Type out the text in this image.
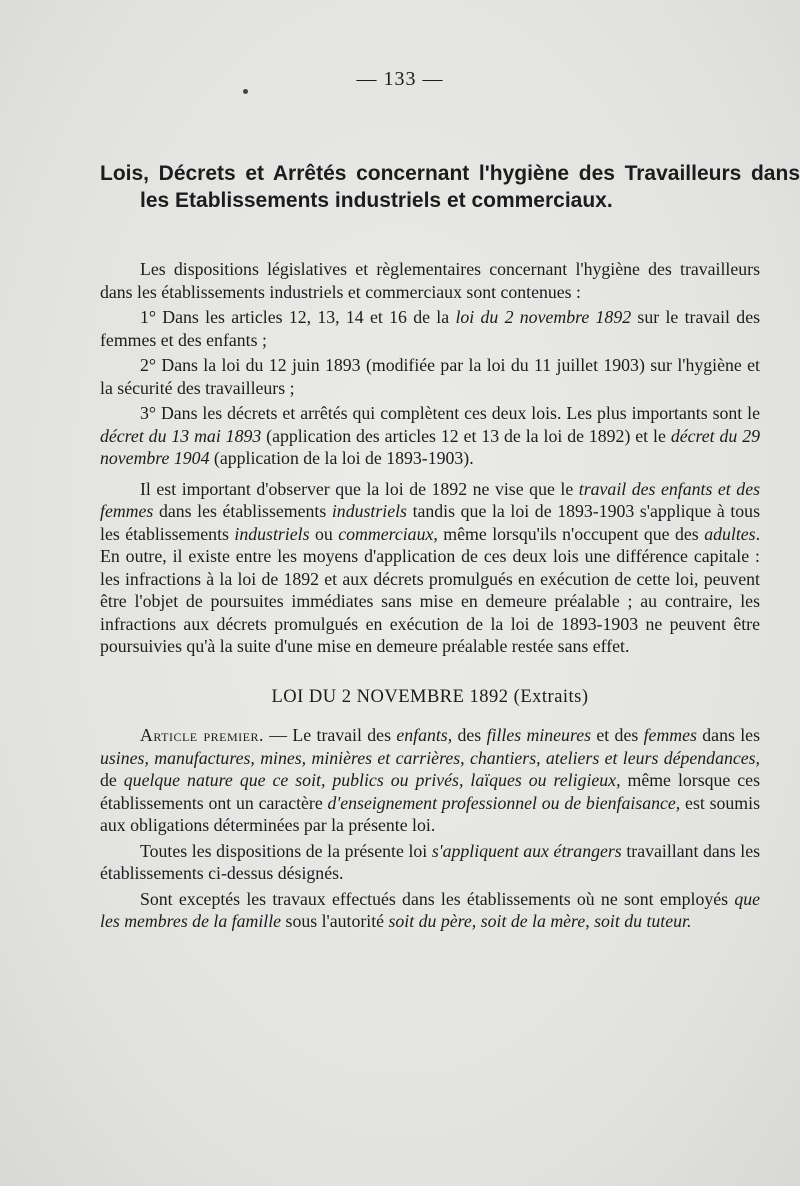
— 133 —
Lois, Décrets et Arrêtés concernant l'hygiène des Travailleurs dans les Etablissements industriels et commerciaux.

Les dispositions législatives et règlementaires concernant l'hygiène des travailleurs dans les établissements industriels et commerciaux sont contenues :

1° Dans les articles 12, 13, 14 et 16 de la loi du 2 novembre 1892 sur le travail des femmes et des enfants ;

2° Dans la loi du 12 juin 1893 (modifiée par la loi du 11 juillet 1903) sur l'hygiène et la sécurité des travailleurs ;

3° Dans les décrets et arrêtés qui complètent ces deux lois. Les plus importants sont le décret du 13 mai 1893 (application des articles 12 et 13 de la loi de 1892) et le décret du 29 novembre 1904 (application de la loi de 1893-1903).

Il est important d'observer que la loi de 1892 ne vise que le travail des enfants et des femmes dans les établissements industriels tandis que la loi de 1893-1903 s'applique à tous les établissements industriels ou commerciaux, même lorsqu'ils n'occupent que des adultes. En outre, il existe entre les moyens d'application de ces deux lois une différence capitale : les infractions à la loi de 1892 et aux décrets promulgués en exécution de cette loi, peuvent être l'objet de poursuites immédiates sans mise en demeure préalable ; au contraire, les infractions aux décrets promulgués en exécution de la loi de 1893-1903 ne peuvent être poursuivies qu'à la suite d'une mise en demeure préalable restée sans effet.

LOI DU 2 NOVEMBRE 1892 (Extraits)

Article premier. — Le travail des enfants, des filles mineures et des femmes dans les usines, manufactures, mines, minières et carrières, chantiers, ateliers et leurs dépendances, de quelque nature que ce soit, publics ou privés, laïques ou religieux, même lorsque ces établissements ont un caractère d'enseignement professionnel ou de bienfaisance, est soumis aux obligations déterminées par la présente loi.

Toutes les dispositions de la présente loi s'appliquent aux étrangers travaillant dans les établissements ci-dessus désignés.

Sont exceptés les travaux effectués dans les établissements où ne sont employés que les membres de la famille sous l'autorité soit du père, soit de la mère, soit du tuteur.
